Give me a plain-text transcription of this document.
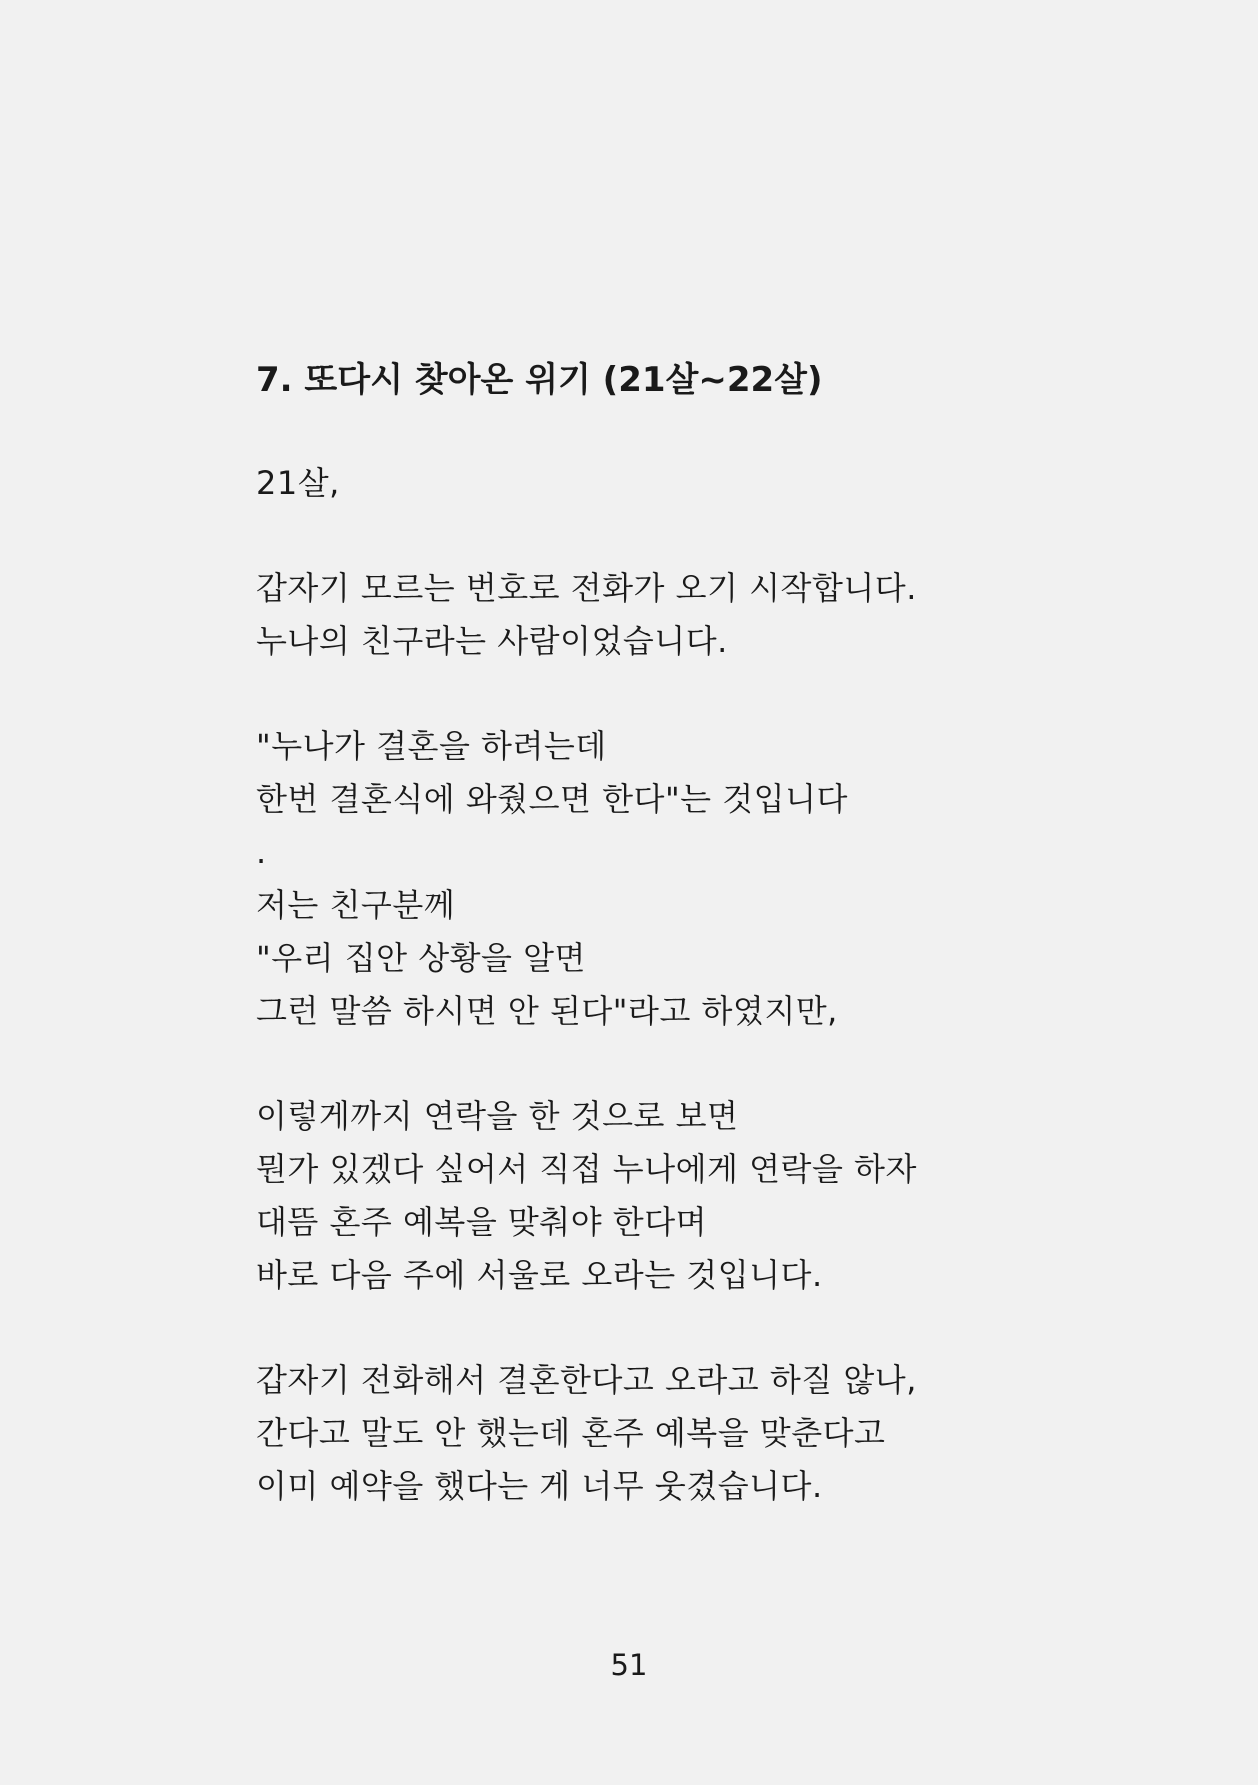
7. 또다시 찾아온 위기 (21살~22살)

21살,

갑자기 모르는 번호로 전화가 오기 시작합니다.
누나의 친구라는 사람이었습니다.

"누나가 결혼을 하려는데
한번 결혼식에 와줬으면 한다"는 것입니다
.
저는 친구분께
"우리 집안 상황을 알면
그런 말씀 하시면 안 된다"라고 하였지만,

이렇게까지 연락을 한 것으로 보면
뭔가 있겠다 싶어서 직접 누나에게 연락을 하자
대뜸 혼주 예복을 맞춰야 한다며
바로 다음 주에 서울로 오라는 것입니다.

갑자기 전화해서 결혼한다고 오라고 하질 않나,
간다고 말도 안 했는데 혼주 예복을 맞춘다고
이미 예약을 했다는 게 너무 웃겼습니다.

51
